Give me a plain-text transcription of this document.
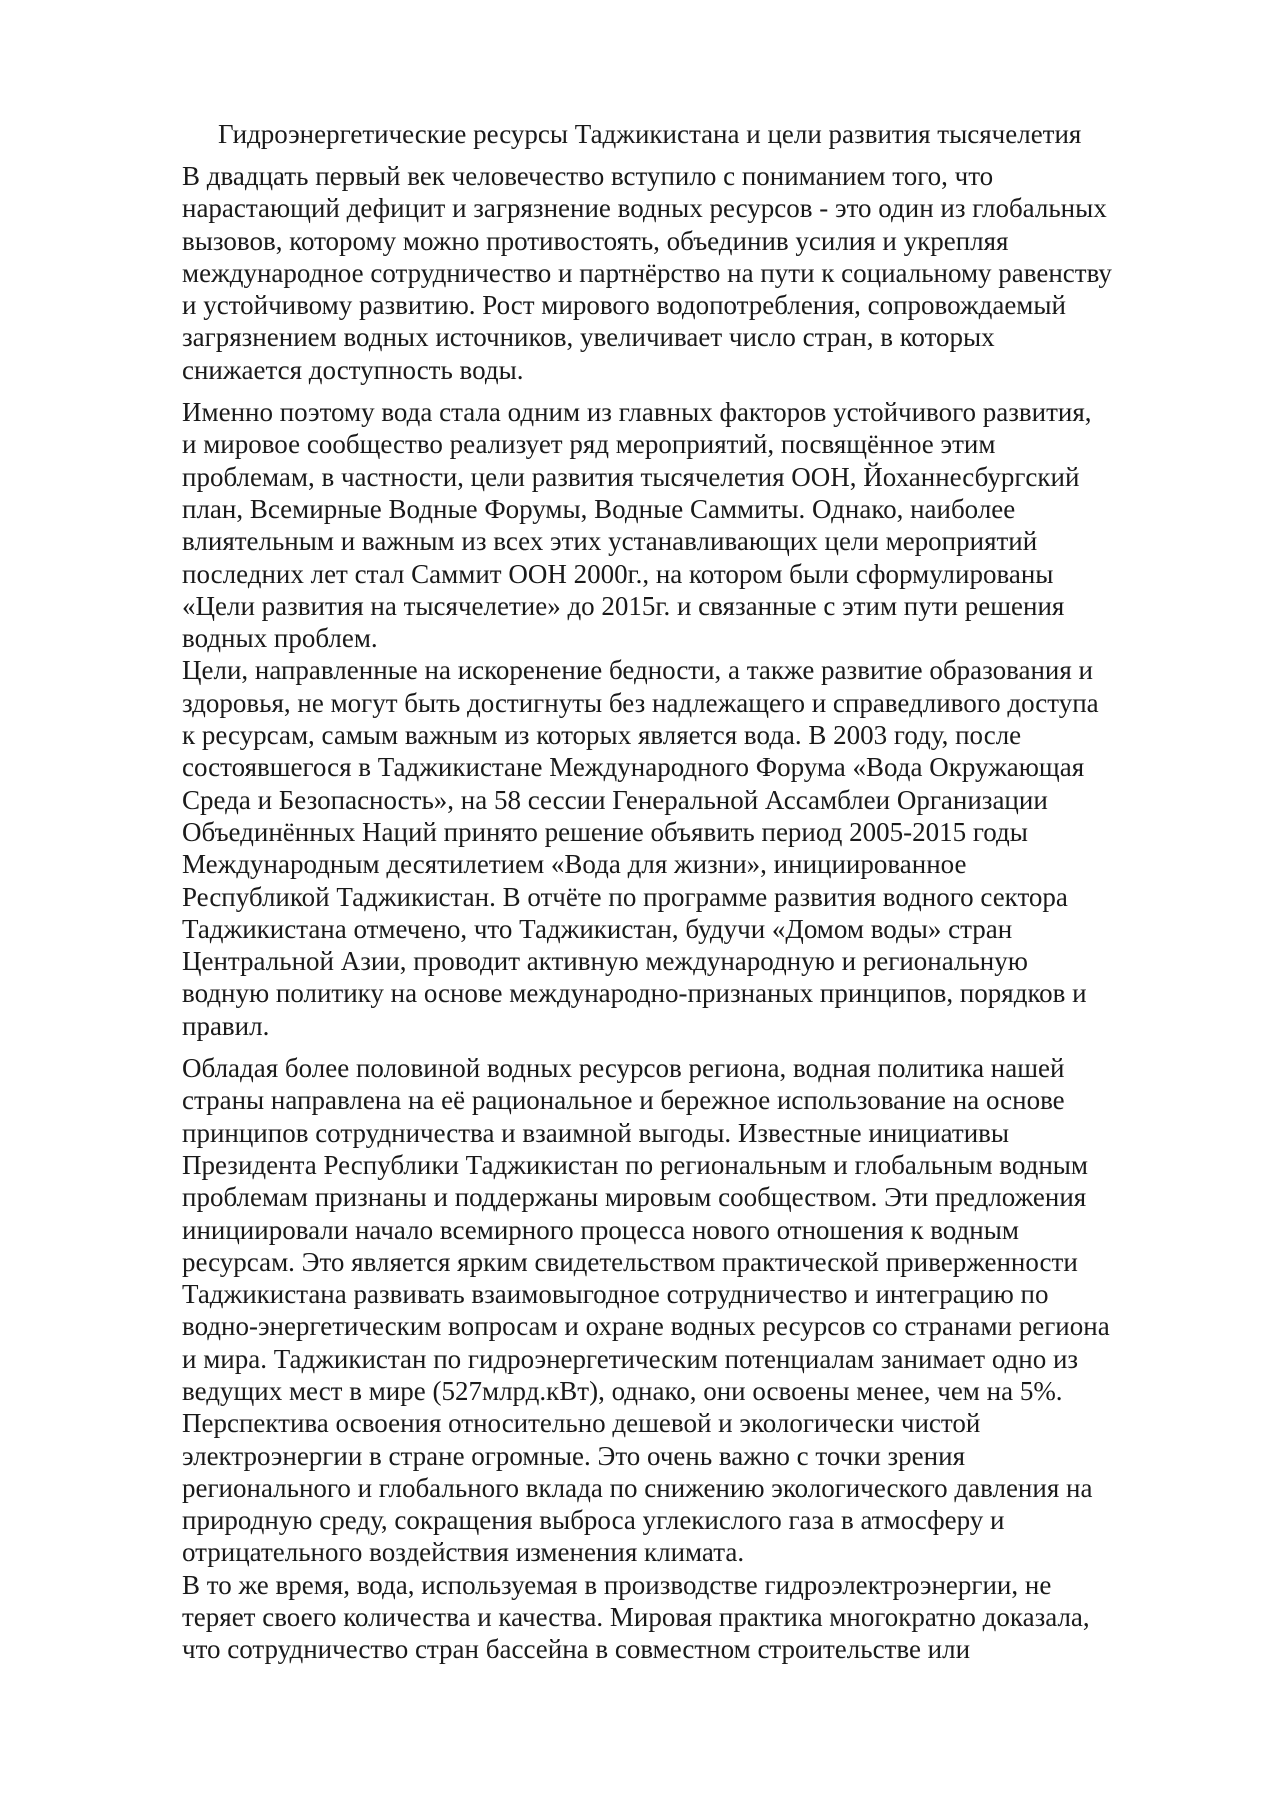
Гидроэнергетические ресурсы Таджикистана и цели развития тысячелетия

В двадцать первый век человечество вступило с пониманием того, что
нарастающий дефицит и загрязнение водных ресурсов - это один из глобальных
вызовов, которому можно противостоять, объединив усилия и укрепляя
международное сотрудничество и партнёрство на пути к социальному равенству
и устойчивому развитию. Рост мирового водопотребления, сопровождаемый
загрязнением водных источников, увеличивает число стран, в которых
снижается доступность воды.

Именно поэтому вода стала одним из главных факторов устойчивого развития,
и мировое сообщество реализует ряд мероприятий, посвящённое этим
проблемам, в частности, цели развития тысячелетия ООН, Йоханнесбургский
план, Всемирные Водные Форумы, Водные Саммиты. Однако, наиболее
влиятельным и важным из всех этих устанавливающих цели мероприятий
последних лет стал Саммит ООН 2000г., на котором были сформулированы
«Цели развития на тысячелетие» до 2015г. и связанные с этим пути решения
водных проблем.

Цели, направленные на искоренение бедности, а также развитие образования и
здоровья, не могут быть достигнуты без надлежащего и справедливого доступа
к ресурсам, самым важным из которых является вода. В 2003 году, после
состоявшегося в Таджикистане Международного Форума «Вода Окружающая
Среда и Безопасность», на 58 сессии Генеральной Ассамблеи Организации
Объединённых Наций принято решение объявить период 2005-2015 годы
Международным десятилетием «Вода для жизни», инициированное
Республикой Таджикистан. В отчёте по программе развития водного сектора
Таджикистана отмечено, что Таджикистан, будучи «Домом воды» стран
Центральной Азии, проводит активную международную и региональную
водную политику на основе международно-признаных принципов, порядков и
правил.

Обладая более половиной водных ресурсов региона, водная политика нашей
страны направлена на её рациональное и бережное использование на основе
принципов сотрудничества и взаимной выгоды. Известные инициативы
Президента Республики Таджикистан по региональным и глобальным водным
проблемам признаны и поддержаны мировым сообществом. Эти предложения
инициировали начало всемирного процесса нового отношения к водным
ресурсам. Это является ярким свидетельством практической приверженности
Таджикистана развивать взаимовыгодное сотрудничество и интеграцию по
водно-энергетическим вопросам и охране водных ресурсов со странами региона
и мира. Таджикистан по гидроэнергетическим потенциалам занимает одно из
ведущих мест в мире (527млрд.кВт), однако, они освоены менее, чем на 5%.
Перспектива освоения относительно дешевой и экологически чистой
электроэнергии в стране огромные. Это очень важно с точки зрения
регионального и глобального вклада по снижению экологического давления на
природную среду, сокращения выброса углекислого газа в атмосферу и
отрицательного воздействия изменения климата.

В то же время, вода, используемая в производстве гидроэлектроэнергии, не
теряет своего количества и качества. Мировая практика многократно доказала,
что сотрудничество стран бассейна в совместном строительстве или
